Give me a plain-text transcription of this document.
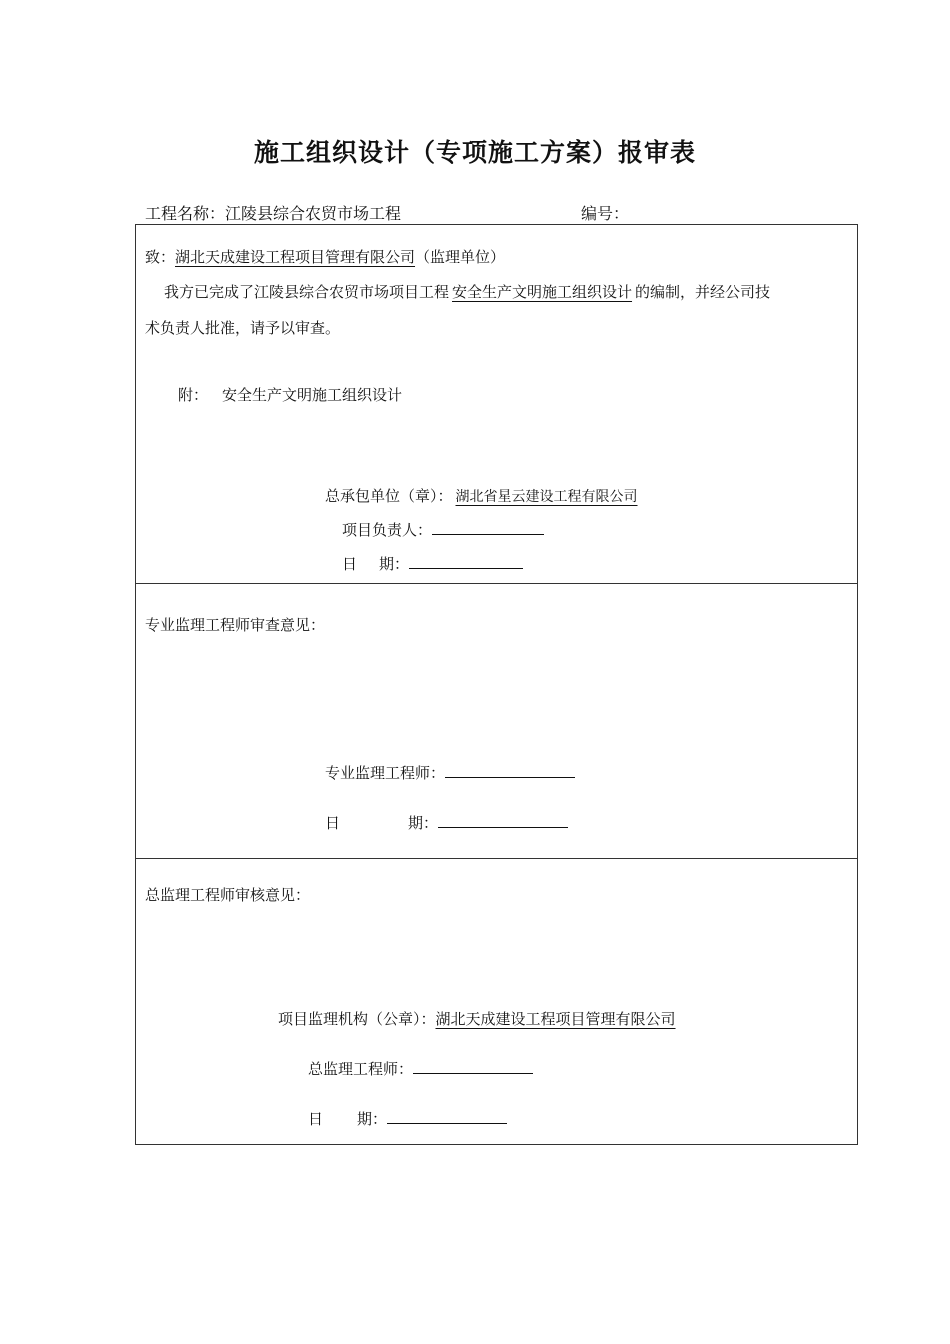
施工组织设计（专项施工方案）报审表
工程名称：江陵县综合农贸市场工程	编号：
致：湖北天成建设工程项目管理有限公司（监理单位）
我方已完成了江陵县综合农贸市场项目工程 安全生产文明施工组织设计 的编制，并经公司技
术负责人批准，请予以审查。
附： 安全生产文明施工组织设计
总承包单位（章）： 湖北省星云建设工程有限公司
项目负责人：
日 期：
专业监理工程师审查意见：
专业监理工程师：
日	期：
总监理工程师审核意见：
项目监理机构（公章）：湖北天成建设工程项目管理有限公司
总监理工程师：
日 期：
